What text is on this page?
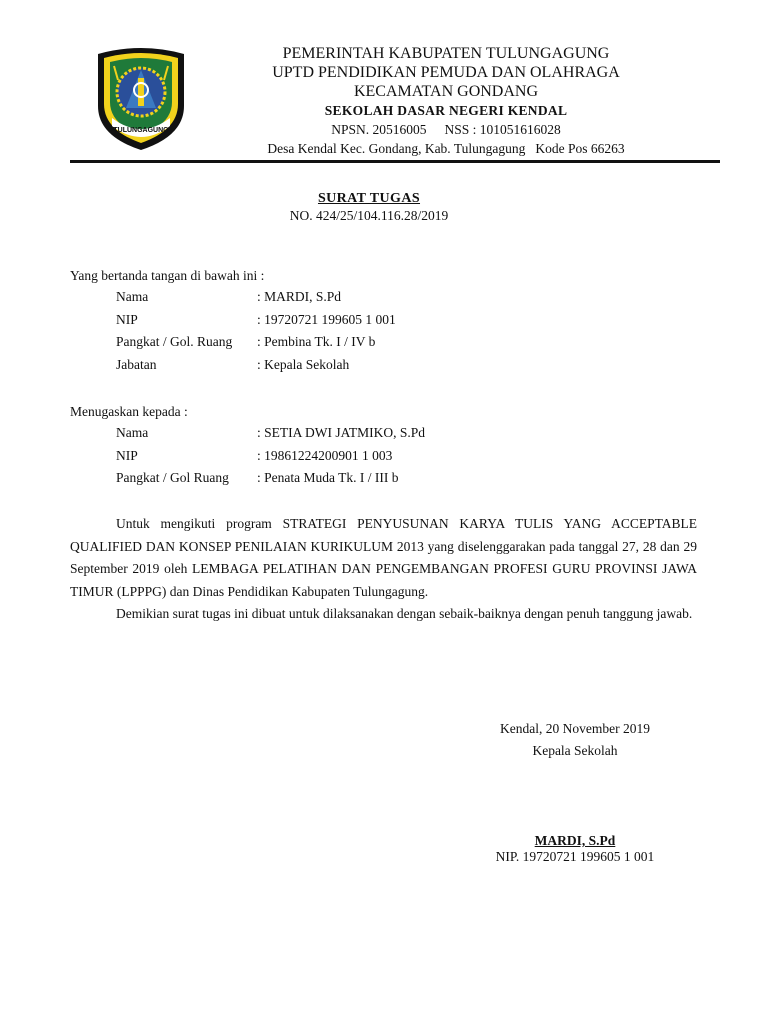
TULUNGAGUNG
PEMERINTAH KABUPATEN TULUNGAGUNG
UPTD PENDIDIKAN PEMUDA DAN OLAHRAGA
KECAMATAN GONDANG
SEKOLAH DASAR NEGERI KENDAL
NPSN. 20516005 NSS : 101051616028
Desa Kendal Kec. Gondang, Kab. Tulungagung Kode Pos 66263
SURAT TUGAS
NO. 424/25/104.116.28/2019
Yang bertanda tangan di bawah ini :
Nama	: MARDI, S.Pd
NIP	: 19720721 199605 1 001
Pangkat / Gol. Ruang	: Pembina Tk. I / IV b
Jabatan	: Kepala Sekolah
Menugaskan kepada :
Nama	: SETIA DWI JATMIKO, S.Pd
NIP	: 19861224200901 1 003
Pangkat / Gol Ruang	: Penata Muda Tk. I / III b

Untuk mengikuti program STRATEGI PENYUSUNAN KARYA TULIS YANG ACCEPTABLE QUALIFIED DAN KONSEP PENILAIAN KURIKULUM 2013 yang diselenggarakan pada tanggal 27, 28 dan 29 September 2019 oleh LEMBAGA PELATIHAN DAN PENGEMBANGAN PROFESI GURU PROVINSI JAWA TIMUR (LPPPG) dan Dinas Pendidikan Kabupaten Tulungagung.

Demikian surat tugas ini dibuat untuk dilaksanakan dengan sebaik-baiknya dengan penuh tanggung jawab.

Kendal, 20 November 2019
Kepala Sekolah
MARDI, S.Pd
NIP. 19720721 199605 1 001
